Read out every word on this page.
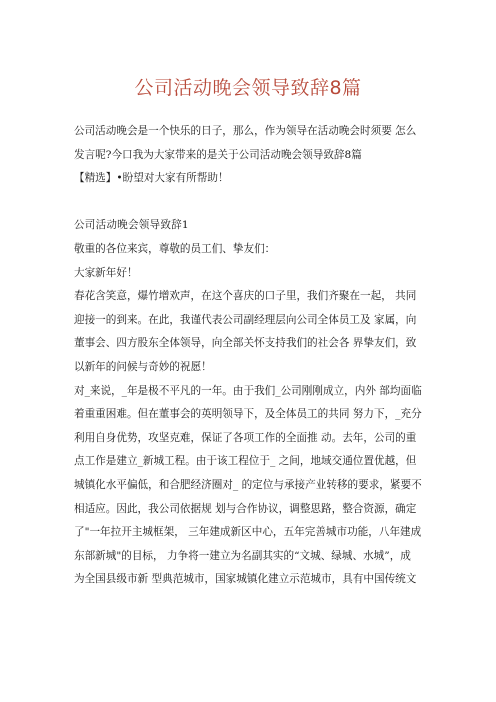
公司活动晚会领导致辞8篇
公司活动晚会是一个快乐的日子，那么，作为领导在活动晚会时须要 怎么
发言呢?今口我为大家带来的是关于公司活动晚会领导致辞8篇
【精选】•盼望对大家有所帮助！
公司活动晚会领导致辞1
敬重的各位来宾，尊敬的员工们、挚友们：
大家新年好！
春花含笑意，爆竹增欢声，在这个喜庆的口子里，我们齐聚在一起， 共同
迎接一的到来。在此，我谨代表公司副经理层向公司全体员工及 家属，向
董事会、四方股东全体领导，向全部关怀支持我们的社会各 界挚友们，致
以新年的问候与奇妙的祝愿！
对_来说，_年是极不平凡的一年。由于我们_公司刚刚成立，内外 部均面临
着重重困难。但在董事会的英明领导下，及全体员工的共同 努力下，_充分
利用自身优势，攻坚克难，保证了各项工作的全面推 动。去年，公司的重
点工作是建立_新城工程。由于该工程位于_ 之间，地域交通位置优越，但
城镇化水平偏低，和合肥经济圈对_ 的定位与承接产业转移的要求，紧要不
相适应。因此，我公司依据规 划与合作协议，调整思路，整合资源，确定
了"一年拉开主城框架， 三年建成新区中心，五年完善城市功能，八年建成
东部新城"的目标， 力争将一建立为名副其实的“文城、绿城、水城”，成
为全国县级市新 型典范城市，国家城镇化建立示范城市，具有中国传统文
